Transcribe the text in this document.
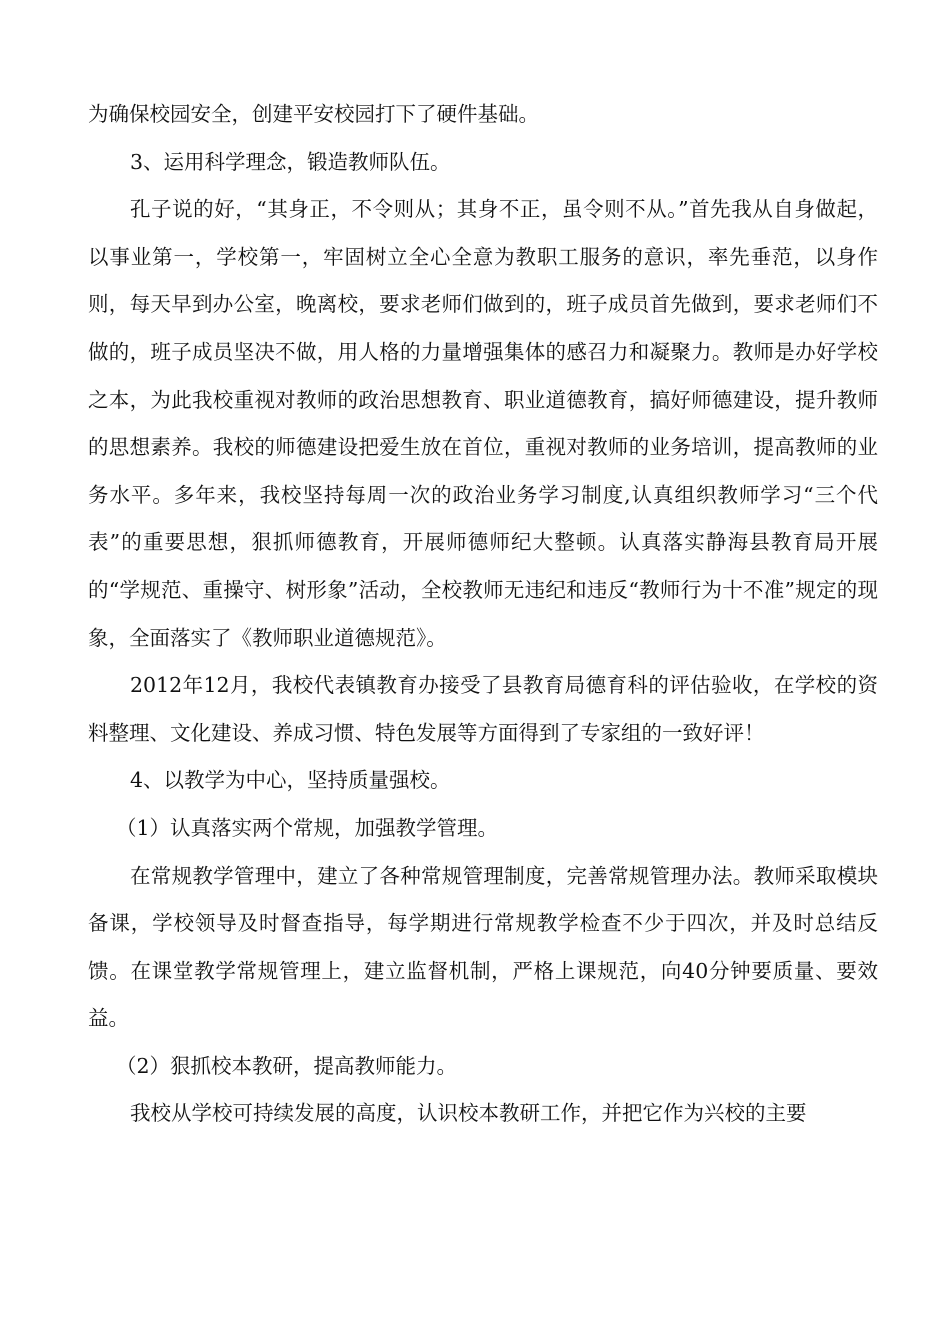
为确保校园安全，创建平安校园打下了硬件基础。

3、运用科学理念，锻造教师队伍。

孔子说的好，“其身正，不令则从；其身不正，虽令则不从。”首先我从自身做起，以事业第一，学校第一，牢固树立全心全意为教职工服务的意识，率先垂范，以身作则，每天早到办公室，晚离校，要求老师们做到的，班子成员首先做到，要求老师们不做的，班子成员坚决不做，用人格的力量增强集体的感召力和凝聚力。教师是办好学校之本，为此我校重视对教师的政治思想教育、职业道德教育，搞好师德建设，提升教师的思想素养。我校的师德建设把爱生放在首位，重视对教师的业务培训，提高教师的业务水平。多年来，我校坚持每周一次的政治业务学习制度,认真组织教师学习“三个代表”的重要思想，狠抓师德教育，开展师德师纪大整顿。认真落实静海县教育局开展的“学规范、重操守、树形象”活动，全校教师无违纪和违反“教师行为十不准”规定的现象，全面落实了《教师职业道德规范》。

2012年12月，我校代表镇教育办接受了县教育局德育科的评估验收，在学校的资料整理、文化建设、养成习惯、特色发展等方面得到了专家组的一致好评！

4、以教学为中心，坚持质量强校。

（1）认真落实两个常规，加强教学管理。

在常规教学管理中，建立了各种常规管理制度，完善常规管理办法。教师采取模块备课，学校领导及时督查指导，每学期进行常规教学检查不少于四次，并及时总结反馈。在课堂教学常规管理上，建立监督机制，严格上课规范，向40分钟要质量、要效益。

（2）狠抓校本教研，提高教师能力。

我校从学校可持续发展的高度，认识校本教研工作，并把它作为兴校的主要
